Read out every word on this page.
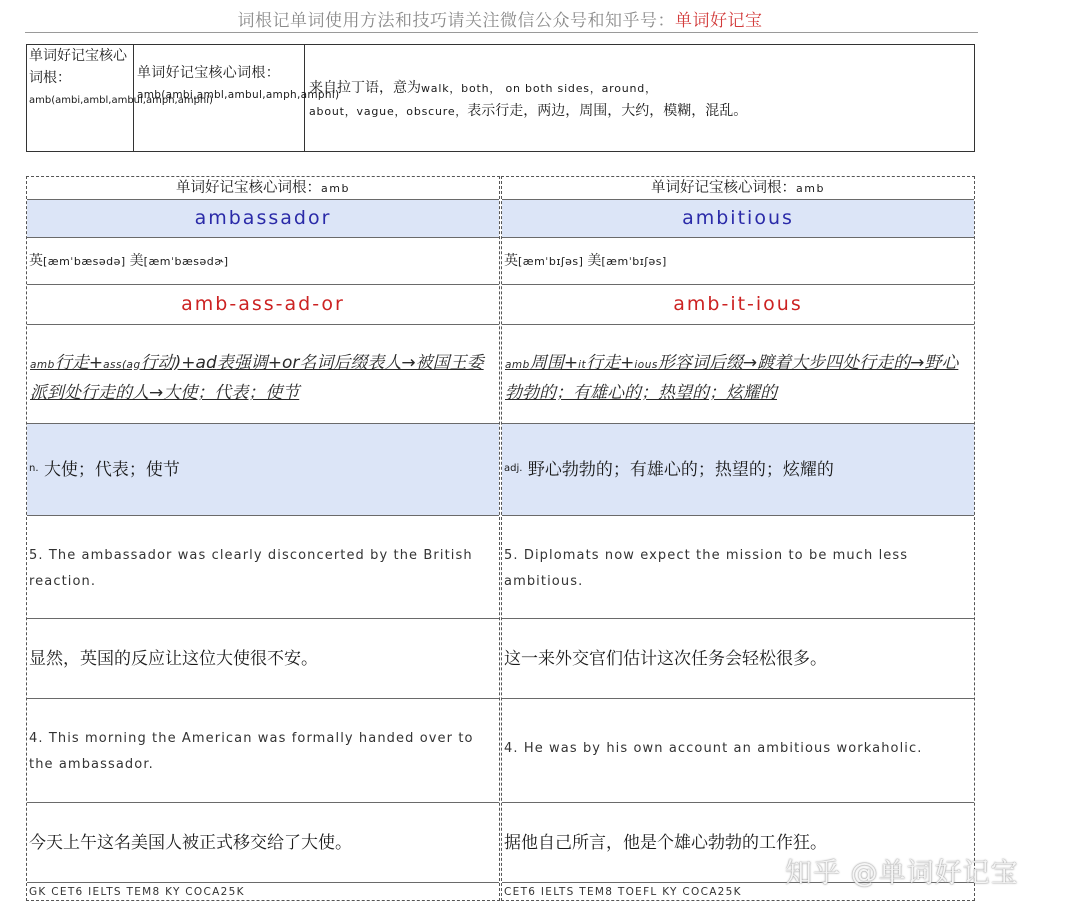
词根记单词使用方法和技巧请关注微信公众号和知乎号：单词好记宝
单词好记宝核心词根：amb(ambi,ambl,ambul,amph,amphi)
单词好记宝核心词根：amb(ambi,ambl,ambul,amph,amphi)
来自拉丁语，意为walk，both， on both sides，around，
about，vague，obscure，表示行走，两边，周围，大约，模糊，混乱。
单词好记宝核心词根：amb
ambassador
英[æmˈbæsədə] 美[æmˈbæsədɚ]
amb-ass-ad-or
amb行走+ass(ag行动)+ad表强调+or名词后缀表人→被国王委派到处行走的人→大使；代表；使节
$^{n.}$ 大使；代表；使节
5. The ambassador was clearly disconcerted by the British reaction.
显然，英国的反应让这位大使很不安。
4. This morning the American was formally handed over to the ambassador.
今天上午这名美国人被正式移交给了大使。
GK CET6 IELTS TEM8 KY COCA25K
单词好记宝核心词根：amb
ambitious
英[æmˈbɪʃəs] 美[æmˈbɪʃəs]
amb-it-ious
amb周围+it行走+ious形容词后缀→踱着大步四处行走的→野心勃勃的；有雄心的；热望的；炫耀的
$^{adj.}$ 野心勃勃的；有雄心的；热望的；炫耀的
5. Diplomats now expect the mission to be much less ambitious.
这一来外交官们估计这次任务会轻松很多。
4. He was by his own account an ambitious workaholic.
据他自己所言，他是个雄心勃勃的工作狂。
CET6 IELTS TEM8 TOEFL KY COCA25K
知乎 @单词好记宝
